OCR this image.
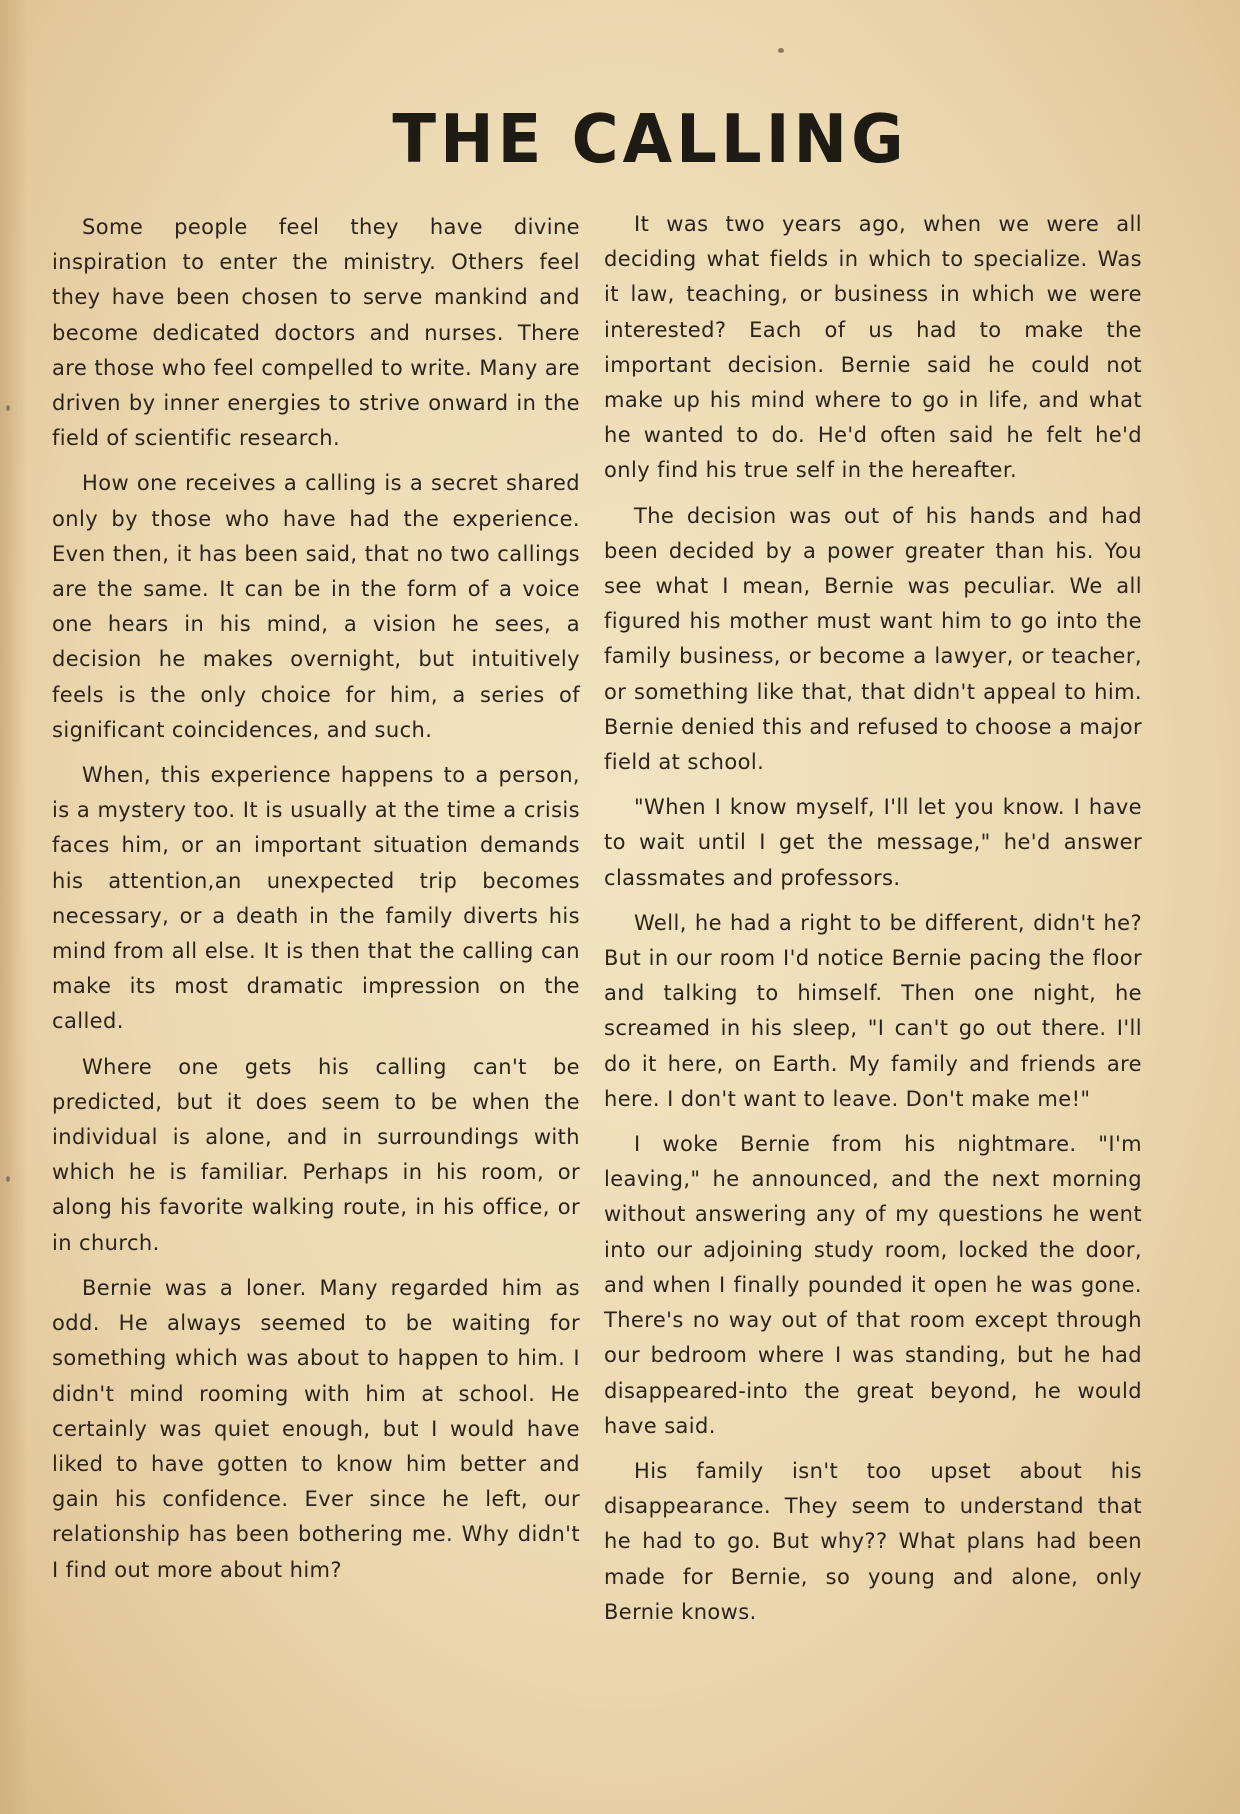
THE CALLING

Some people feel they have divine inspiration to enter the ministry. Others feel they have been chosen to serve mankind and become dedicated doctors and nurses. There are those who feel compelled to write. Many are driven by inner energies to strive onward in the field of scientific research.

How one receives a calling is a secret shared only by those who have had the experience. Even then, it has been said, that no two callings are the same. It can be in the form of a voice one hears in his mind, a vision he sees, a decision he makes overnight, but intuitively feels is the only choice for him, a series of significant coincidences, and such.

When, this experience happens to a person, is a mystery too. It is usually at the time a crisis faces him, or an important situation demands his attention,an unexpected trip becomes necessary, or a death in the family diverts his mind from all else. It is then that the calling can make its most dramatic impression on the called.

Where one gets his calling can't be predicted, but it does seem to be when the individual is alone, and in surroundings with which he is familiar. Perhaps in his room, or along his favorite walking route, in his office, or in church.

Bernie was a loner. Many regarded him as odd. He always seemed to be waiting for something which was about to happen to him. I didn't mind rooming with him at school. He certainly was quiet enough, but I would have liked to have gotten to know him better and gain his confidence. Ever since he left, our relationship has been bothering me. Why didn't I find out more about him?

It was two years ago, when we were all deciding what fields in which to specialize. Was it law, teaching, or business in which we were interested? Each of us had to make the important decision. Bernie said he could not make up his mind where to go in life, and what he wanted to do. He'd often said he felt he'd only find his true self in the hereafter.

The decision was out of his hands and had been decided by a power greater than his. You see what I mean, Bernie was peculiar. We all figured his mother must want him to go into the family business, or become a lawyer, or teacher, or something like that, that didn't appeal to him. Bernie denied this and refused to choose a major field at school.

"When I know myself, I'll let you know. I have to wait until I get the message," he'd answer classmates and professors.

Well, he had a right to be different, didn't he? But in our room I'd notice Bernie pacing the floor and talking to himself. Then one night, he screamed in his sleep, "I can't go out there. I'll do it here, on Earth. My family and friends are here. I don't want to leave. Don't make me!"

I woke Bernie from his nightmare. "I'm leaving," he announced, and the next morning without answering any of my questions he went into our adjoining study room, locked the door, and when I finally pounded it open he was gone. There's no way out of that room except through our bedroom where I was standing, but he had disappeared-into the great beyond, he would have said.

His family isn't too upset about his disappearance. They seem to understand that he had to go. But why?? What plans had been made for Bernie, so young and alone, only Bernie knows.
